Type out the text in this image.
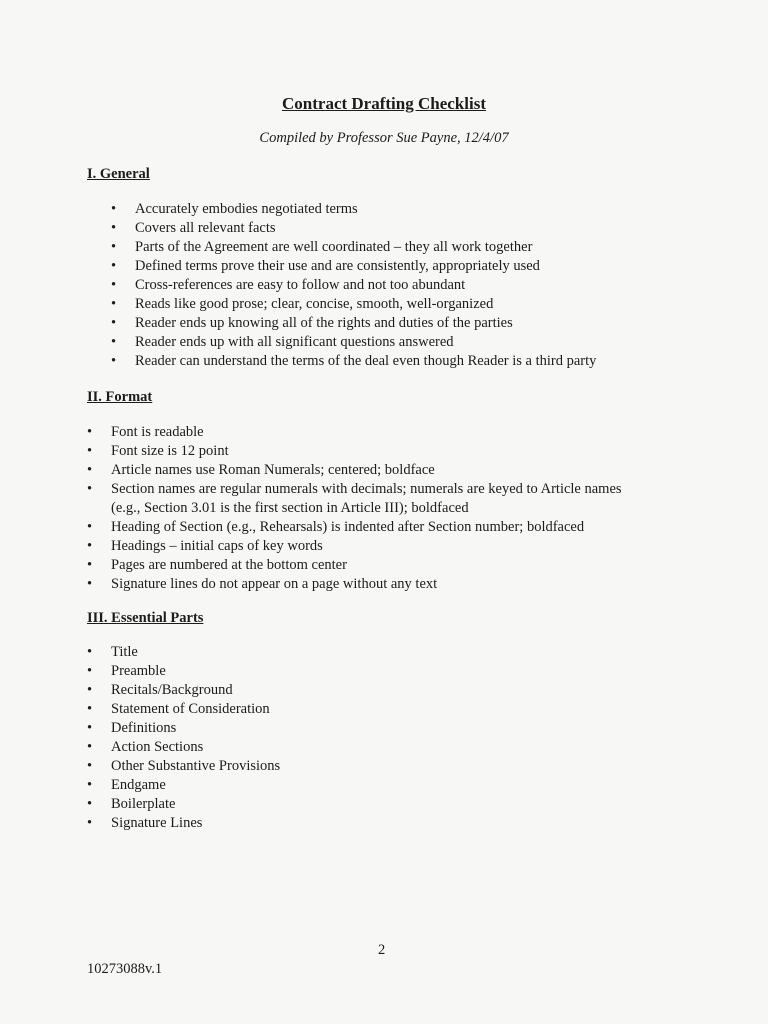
Contract Drafting Checklist
Compiled by Professor Sue Payne, 12/4/07
I. General
• Accurately embodies negotiated terms
• Covers all relevant facts
• Parts of the Agreement are well coordinated – they all work together
• Defined terms prove their use and are consistently, appropriately used
• Cross-references are easy to follow and not too abundant
• Reads like good prose; clear, concise, smooth, well-organized
• Reader ends up knowing all of the rights and duties of the parties
• Reader ends up with all significant questions answered
• Reader can understand the terms of the deal even though Reader is a third party
II. Format
• Font is readable
• Font size is 12 point
• Article names use Roman Numerals; centered; boldface
• Section names are regular numerals with decimals; numerals are keyed to Article names
(e.g., Section 3.01 is the first section in Article III); boldfaced
• Heading of Section (e.g., Rehearsals) is indented after Section number; boldfaced
• Headings – initial caps of key words
• Pages are numbered at the bottom center
• Signature lines do not appear on a page without any text
III. Essential Parts
• Title
• Preamble
• Recitals/Background
• Statement of Consideration
• Definitions
• Action Sections
• Other Substantive Provisions
• Endgame
• Boilerplate
• Signature Lines
2
10273088v.1
